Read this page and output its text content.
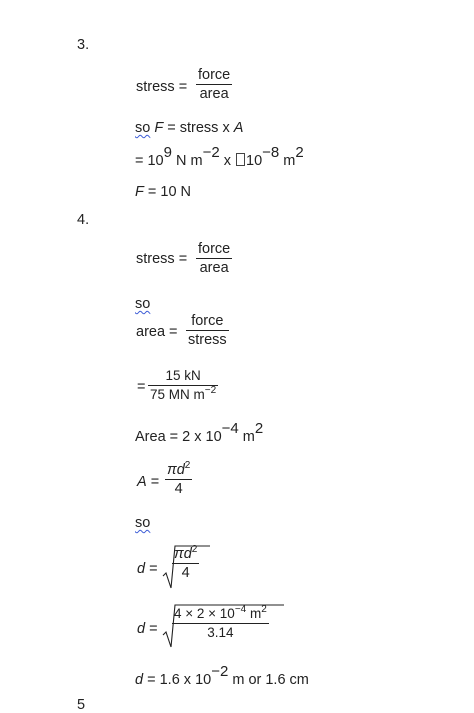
3.
stress =
force
area
so F = stress x A
= $10^9$ N $m^{-2}$ x $10^{-8}$ $m^2$
F = 10 N
4.
stress =
force
area
so
area =
force
stress
=
15 kN
75 MN $m^{-2}$
Area = 2 x $10^{-4}$ $m^2$
A =
$\pi d^2$
4
so
d =
$\pi d^2$
4
d =
$4 \times 2 \times 10^{-4}$ $m^2$
3.14
d = 1.6 x $10^{-2}$ m or 1.6 cm
5
